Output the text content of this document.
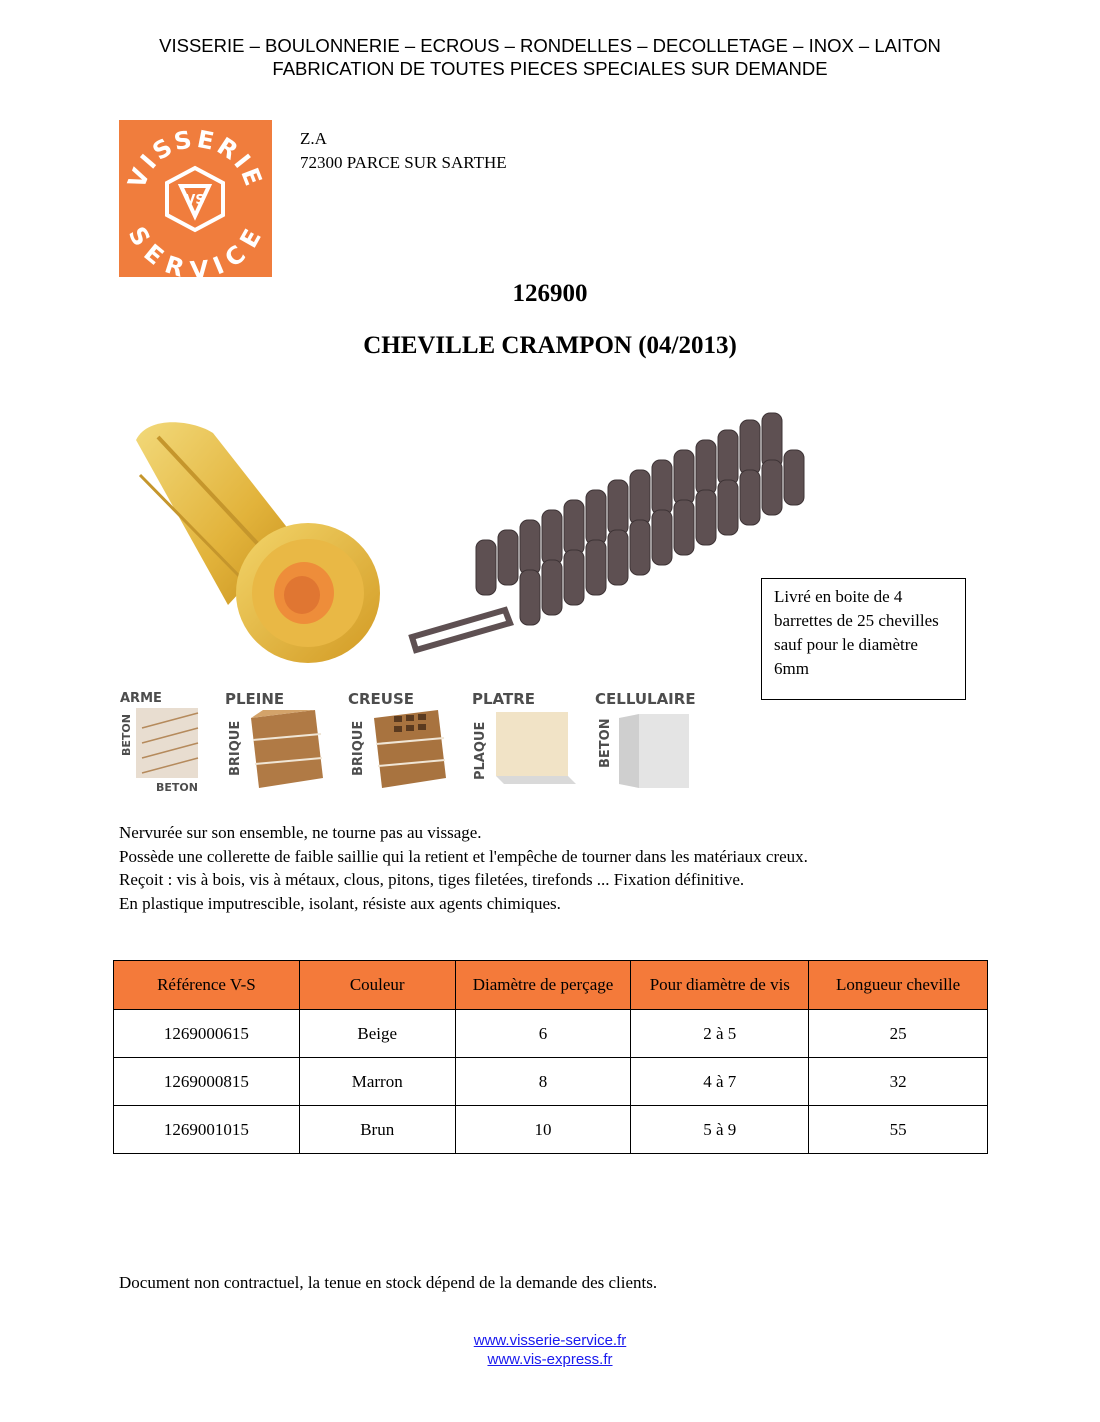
VISSERIE – BOULONNERIE – ECROUS – RONDELLES – DECOLLETAGE – INOX – LAITON
FABRICATION DE TOUTES PIECES SPECIALES SUR DEMANDE
VISSERIE
SERVICE
VS
Z.A
72300 PARCE SUR SARTHE
126900
CHEVILLE CRAMPON (04/2013)
Livré en boite de 4 barrettes de 25 chevilles sauf pour le diamètre 6mm
ARME
BETON
BETON
PLEINE
BRIQUE
CREUSE
BRIQUE
PLATRE
PLAQUE
CELLULAIRE
BETON

Nervurée sur son ensemble, ne tourne pas au vissage.

Possède une collerette de faible saillie qui la retient et l'empêche de tourner dans les matériaux creux.

Reçoit : vis à bois, vis à métaux, clous, pitons, tiges filetées, tirefonds ... Fixation définitive.

En plastique imputrescible, isolant, résiste aux agents chimiques.

Référence V-S	Couleur	Diamètre de perçage	Pour diamètre de vis	Longueur cheville
1269000615	Beige	6	2 à 5	25
1269000815	Marron	8	4 à 7	32
1269001015	Brun	10	5 à 9	55
Document non contractuel, la tenue en stock dépend de la demande des clients.
www.visserie-service.fr
www.vis-express.fr
